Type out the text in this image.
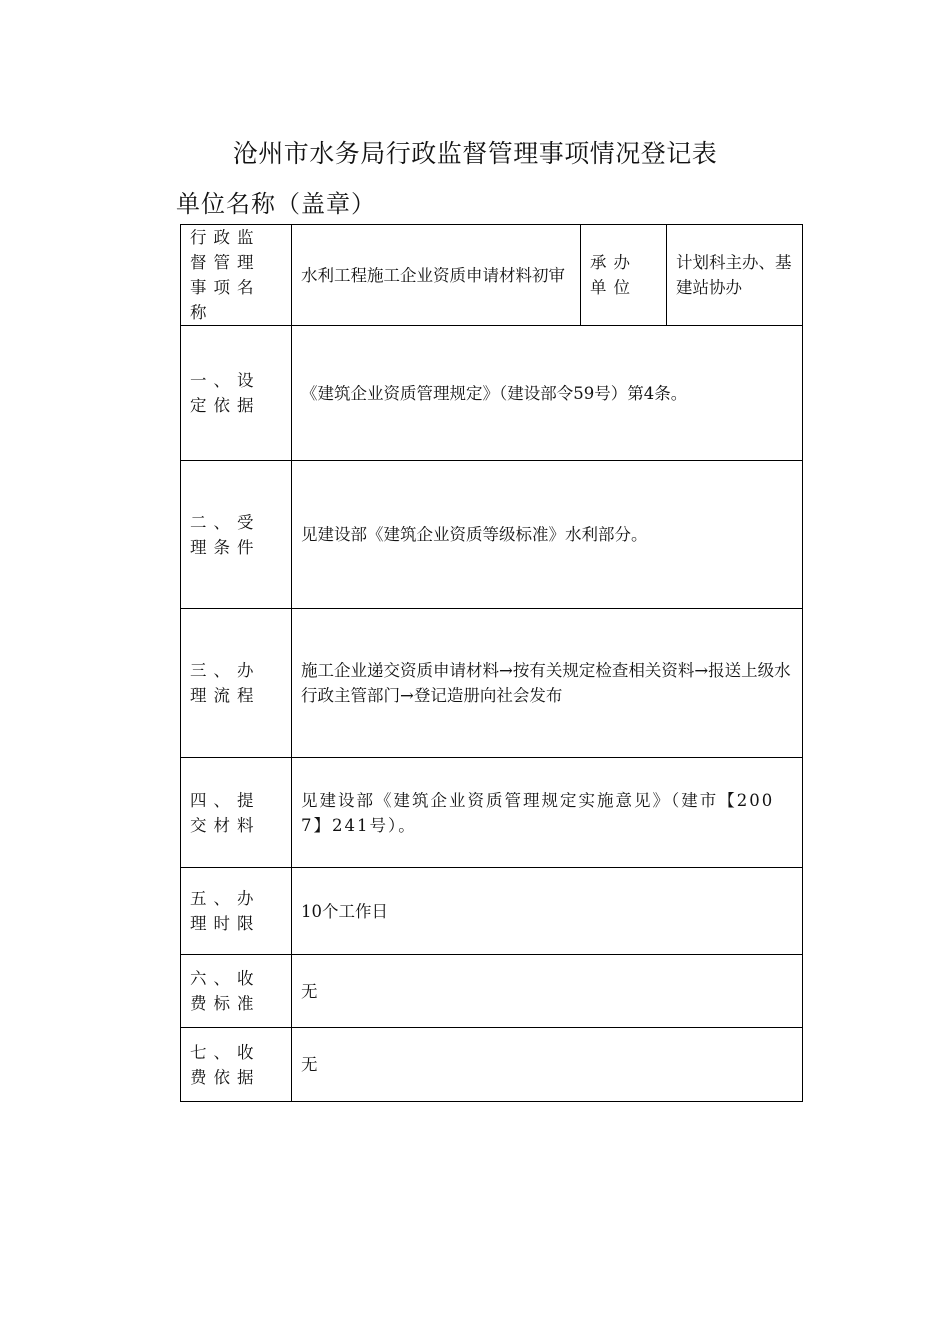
沧州市水务局行政监督管理事项情况登记表
单位名称（盖章）
行政监督管理事项名称	水利工程施工企业资质申请材料初审	承办单位	计划科主办、基建站协办
一、设定依据	《建筑企业资质管理规定》（建设部令59号）第4条。		
二、受理条件	见建设部《建筑企业资质等级标准》水利部分。		
三、办理流程	施工企业递交资质申请材料→按有关规定检查相关资料→报送上级水行政主管部门→登记造册向社会发布		
四、提交材料	见建设部《建筑企业资质管理规定实施意见》（建市【2007】241号）。		
五、办理时限	10个工作日		
六、收费标准	无		
七、收费依据	无		
